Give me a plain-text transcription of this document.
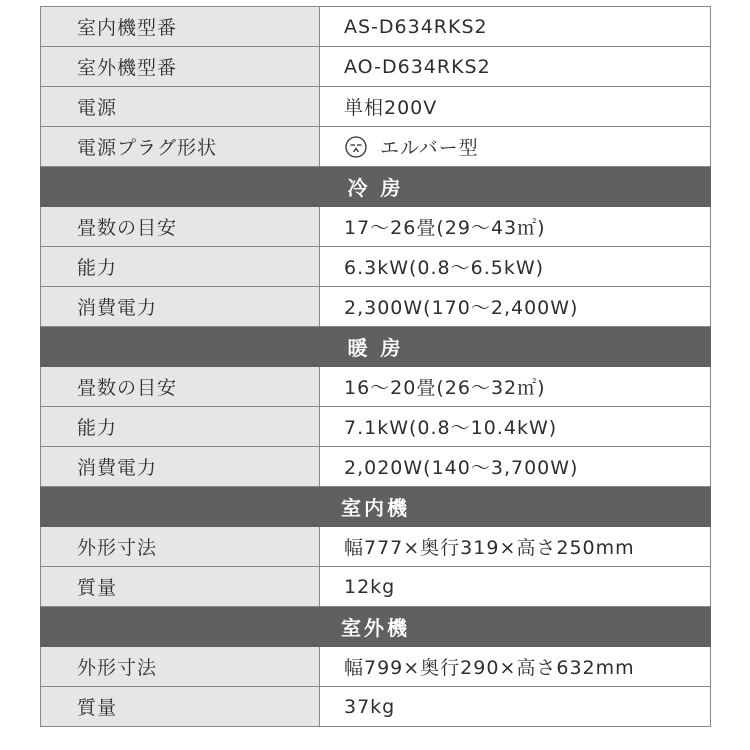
室内機型番	AS-D634RKS2
室外機型番	AO-D634RKS2
電源	単相200V
電源プラグ形状	エルバー型
冷 房	
畳数の目安	17〜26畳(29〜43㎡)
能力	6.3kW(0.8〜6.5kW)
消費電力	2,300W(170〜2,400W)
暖 房	
畳数の目安	16〜20畳(26〜32㎡)
能力	7.1kW(0.8〜10.4kW)
消費電力	2,020W(140〜3,700W)
室内機	
外形寸法	幅777×奥行319×高さ250mm
質量	12kg
室外機	
外形寸法	幅799×奥行290×高さ632mm
質量	37kg
